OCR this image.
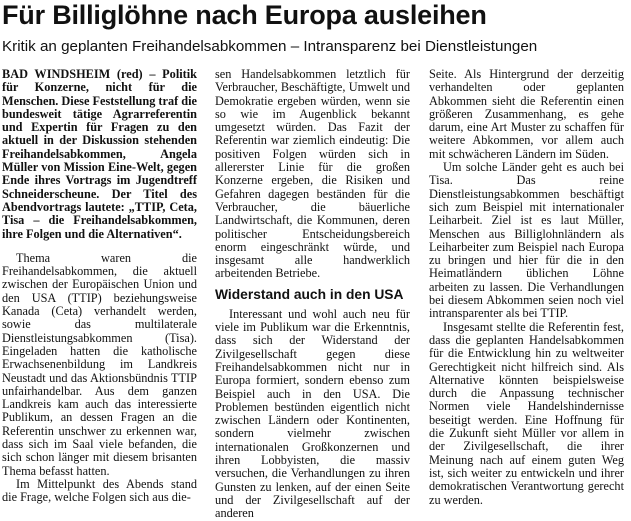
Für Billiglöhne nach Europa ausleihen
Kritik an geplanten Freihandelsabkommen – Intransparenz bei Dienstleistungen

BAD WINDSHEIM (red) – Politik für Konzerne, nicht für die Menschen. Diese Feststellung traf die bundesweit tätige Agrarreferentin und Expertin für Fragen zu den aktuell in der Diskussion stehenden Freihandelsabkommen, Angela Müller von Mission Eine-Welt, gegen Ende ihres Vortrags im Jugendtreff Schneiderscheune. Der Titel des Abendvortrags lautete: „TTIP, Ceta, Tisa – die Freihandelsabkommen, ihre Folgen und die Alternativen“.

Thema waren die Freihandelsabkommen, die aktuell zwischen der Europäischen Union und den USA (TTIP) beziehungsweise Kanada (Ceta) verhandelt werden, sowie das multilaterale Dienstleistungsabkommen (Tisa). Eingeladen hatten die katholische Erwachsenenbildung im Landkreis Neustadt und das Aktionsbündnis TTIP unfairhandelbar. Aus dem ganzen Landkreis kam auch das interessierte Publikum, an dessen Fragen an die Referentin unschwer zu erkennen war, dass sich im Saal viele befanden, die sich schon länger mit diesem brisanten Thema befasst hatten.

Im Mittelpunkt des Abends stand die Frage, welche Folgen sich aus die-

sen Handelsabkommen letztlich für Verbraucher, Beschäftigte, Umwelt und Demokratie ergeben würden, wenn sie so wie im Augenblick bekannt umgesetzt würden. Das Fazit der Referentin war ziemlich eindeutig: Die positiven Folgen würden sich in allererster Linie für die großen Konzerne ergeben, die Risiken und Gefahren dagegen beständen für die Verbraucher, die bäuerliche Landwirtschaft, die Kommunen, deren politischer Entscheidungsbereich enorm eingeschränkt würde, und insgesamt alle handwerklich arbeitenden Betriebe.

Widerstand auch in den USA

Interessant und wohl auch neu für viele im Publikum war die Erkenntnis, dass sich der Widerstand der Zivilgesellschaft gegen diese Freihandelsabkommen nicht nur in Europa formiert, sondern ebenso zum Beispiel auch in den USA. Die Problemen bestünden eigentlich nicht zwischen Ländern oder Kontinenten, sondern vielmehr zwischen internationalen Großkonzernen und ihren Lobbyisten, die massiv versuchen, die Verhandlungen zu ihren Gunsten zu lenken, auf der einen Seite und der Zivilgesellschaft auf der anderen

Seite. Als Hintergrund der derzeitig verhandelten oder geplanten Abkommen sieht die Referentin einen größeren Zusammenhang, es gehe darum, eine Art Muster zu schaffen für weitere Abkommen, vor allem auch mit schwächeren Ländern im Süden.

Um solche Länder geht es auch bei Tisa. Das reine Dienstleistungsabkommen beschäftigt sich zum Beispiel mit internationaler Leiharbeit. Ziel ist es laut Müller, Menschen aus Billiglohnländern als Leiharbeiter zum Beispiel nach Europa zu bringen und hier für die in den Heimatländern üblichen Löhne arbeiten zu lassen. Die Verhandlungen bei diesem Abkommen seien noch viel intransparenter als bei TTIP.

Insgesamt stellte die Referentin fest, dass die geplanten Handelsabkommen für die Entwicklung hin zu weltweiter Gerechtigkeit nicht hilfreich sind. Als Alternative könnten beispielsweise durch die Anpassung technischer Normen viele Handelshindernisse beseitigt werden. Eine Hoffnung für die Zukunft sieht Müller vor allem in der Zivilgesellschaft, die ihrer Meinung nach auf einem guten Weg ist, sich weiter zu entwickeln und ihrer demokratischen Verantwortung gerecht zu werden.
